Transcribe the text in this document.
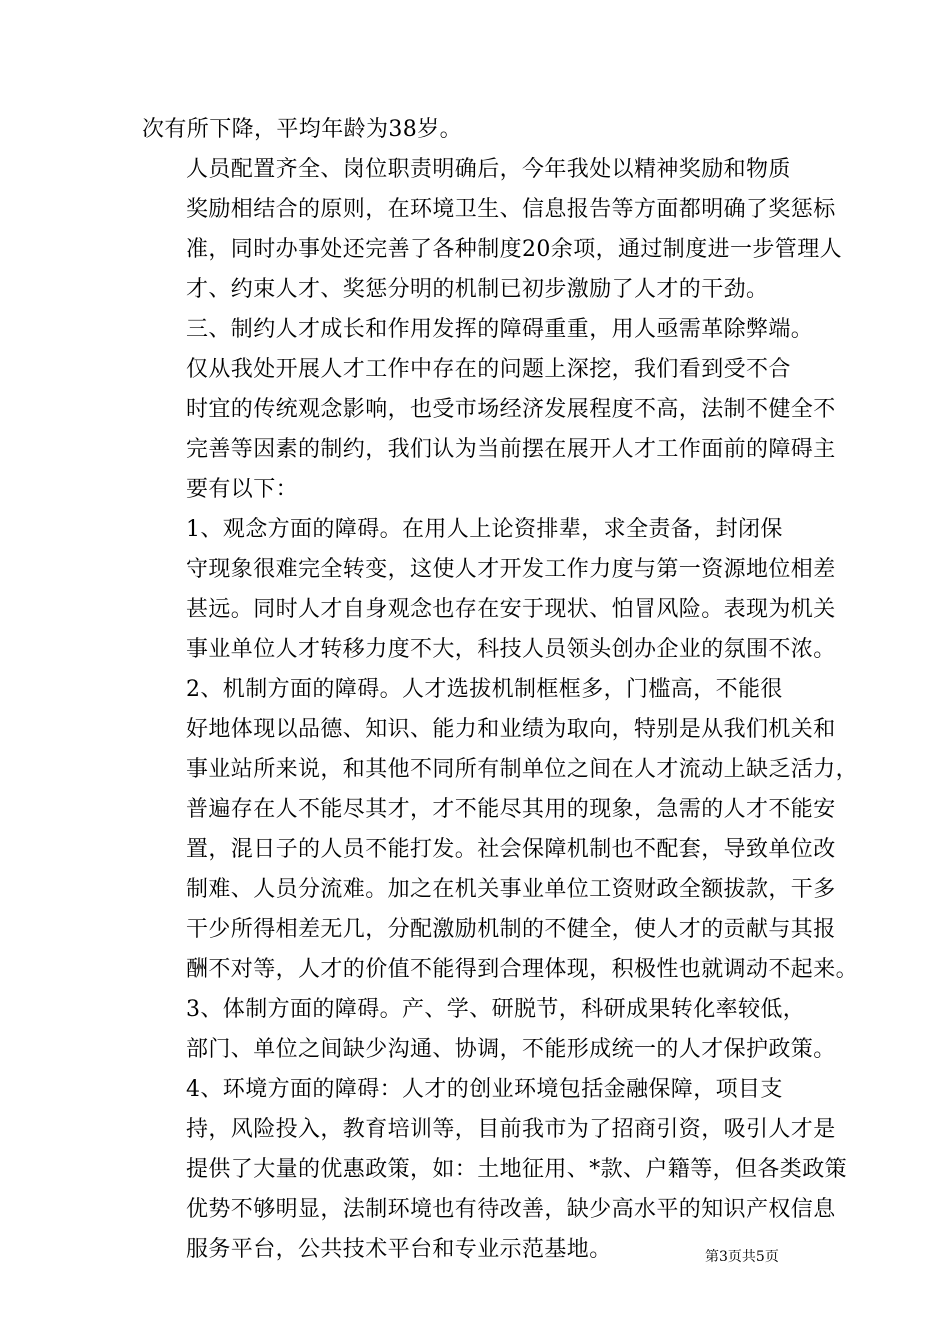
次有所下降，平均年龄为38岁。

人员配置齐全、岗位职责明确后，今年我处以精神奖励和物质
奖励相结合的原则，在环境卫生、信息报告等方面都明确了奖惩标
准，同时办事处还完善了各种制度20余项，通过制度进一步管理人
才、约束人才、奖惩分明的机制已初步激励了人才的干劲。

三、制约人才成长和作用发挥的障碍重重，用人亟需革除弊端。

仅从我处开展人才工作中存在的问题上深挖，我们看到受不合
时宜的传统观念影响，也受市场经济发展程度不高，法制不健全不
完善等因素的制约，我们认为当前摆在展开人才工作面前的障碍主
要有以下：

1、观念方面的障碍。在用人上论资排辈，求全责备，封闭保
守现象很难完全转变，这使人才开发工作力度与第一资源地位相差
甚远。同时人才自身观念也存在安于现状、怕冒风险。表现为机关
事业单位人才转移力度不大，科技人员领头创办企业的氛围不浓。

2、机制方面的障碍。人才选拔机制框框多，门槛高，不能很
好地体现以品德、知识、能力和业绩为取向，特别是从我们机关和
事业站所来说，和其他不同所有制单位之间在人才流动上缺乏活力，
普遍存在人不能尽其才，才不能尽其用的现象，急需的人才不能安
置，混日子的人员不能打发。社会保障机制也不配套，导致单位改
制难、人员分流难。加之在机关事业单位工资财政全额拔款，干多
干少所得相差无几，分配激励机制的不健全，使人才的贡献与其报
酬不对等，人才的价值不能得到合理体现，积极性也就调动不起来。

3、体制方面的障碍。产、学、研脱节，科研成果转化率较低，
部门、单位之间缺少沟通、协调，不能形成统一的人才保护政策。

4、环境方面的障碍：人才的创业环境包括金融保障，项目支
持，风险投入，教育培训等，目前我市为了招商引资，吸引人才是
提供了大量的优惠政策，如：土地征用、*款、户籍等，但各类政策
优势不够明显，法制环境也有待改善，缺少高水平的知识产权信息
服务平台，公共技术平台和专业示范基地。	第3页共5页
